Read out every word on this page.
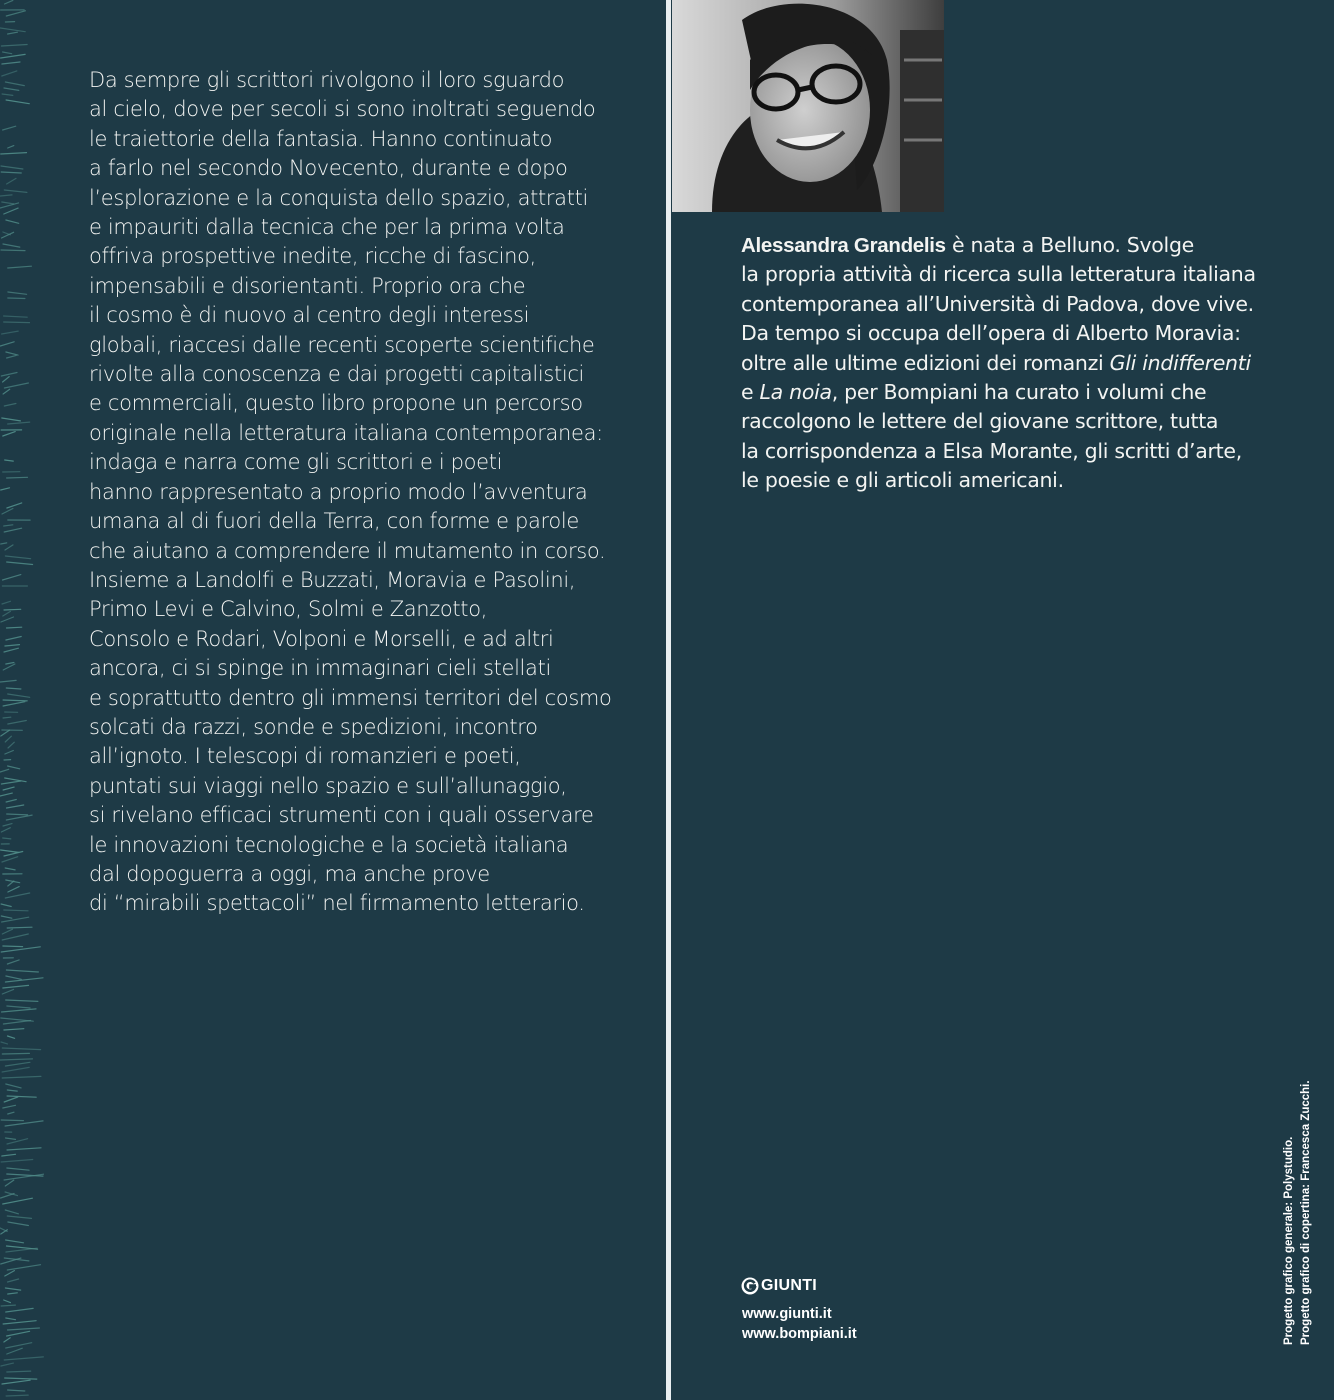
Da sempre gli scrittori rivolgono il loro sguardo
al cielo, dove per secoli si sono inoltrati seguendo
le traiettorie della fantasia. Hanno continuato
a farlo nel secondo Novecento, durante e dopo
l’esplorazione e la conquista dello spazio, attratti
e impauriti dalla tecnica che per la prima volta
offriva prospettive inedite, ricche di fascino,
impensabili e disorientanti. Proprio ora che
il cosmo è di nuovo al centro degli interessi
globali, riaccesi dalle recenti scoperte scientifiche
rivolte alla conoscenza e dai progetti capitalistici
e commerciali, questo libro propone un percorso
originale nella letteratura italiana contemporanea:
indaga e narra come gli scrittori e i poeti
hanno rappresentato a proprio modo l’avventura
umana al di fuori della Terra, con forme e parole
che aiutano a comprendere il mutamento in corso.
Insieme a Landolfi e Buzzati, Moravia e Pasolini,
Primo Levi e Calvino, Solmi e Zanzotto,
Consolo e Rodari, Volponi e Morselli, e ad altri
ancora, ci si spinge in immaginari cieli stellati
e soprattutto dentro gli immensi territori del cosmo
solcati da razzi, sonde e spedizioni, incontro
all’ignoto. I telescopi di romanzieri e poeti,
puntati sui viaggi nello spazio e sull’allunaggio,
si rivelano efficaci strumenti con i quali osservare
le innovazioni tecnologiche e la società italiana
dal dopoguerra a oggi, ma anche prove
di “mirabili spettacoli” nel firmamento letterario.

Alessandra Grandelis è nata a Belluno. Svolge
la propria attività di ricerca sulla letteratura italiana
contemporanea all’Università di Padova, dove vive.
Da tempo si occupa dell’opera di Alberto Moravia:
oltre alle ultime edizioni dei romanzi Gli indifferenti
e La noia, per Bompiani ha curato i volumi che
raccolgono le lettere del giovane scrittore, tutta
la corrispondenza a Elsa Morante, gli scritti d’arte,
le poesie e gli articoli americani.

GIUNTI
www.giunti.it
www.bompiani.it	Progetto grafico generale: Polystudio. Progetto grafico di copertina: Francesca Zucchi.
